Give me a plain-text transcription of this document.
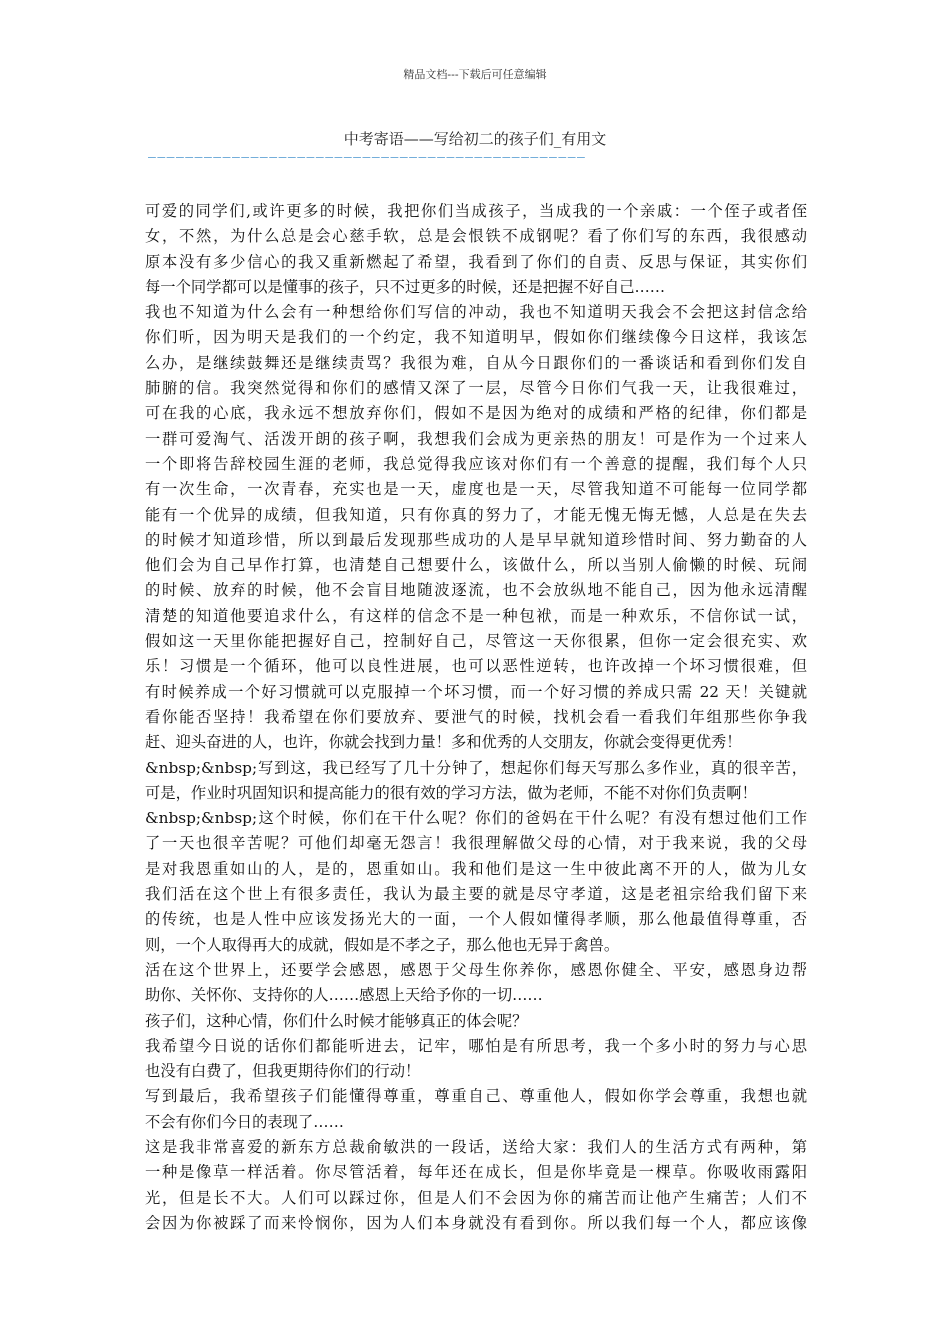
精品文档---下载后可任意编辑
中考寄语——写给初二的孩子们_有用文
———————————————————————————————————————————————
可爱的同学们,或许更多的时候，我把你们当成孩子，当成我的一个亲戚：一个侄子或者侄
女，不然，为什么总是会心慈手软，总是会恨铁不成钢呢？看了你们写的东西，我很感动
原本没有多少信心的我又重新燃起了希望，我看到了你们的自责、反思与保证，其实你们
每一个同学都可以是懂事的孩子，只不过更多的时候，还是把握不好自己……
我也不知道为什么会有一种想给你们写信的冲动，我也不知道明天我会不会把这封信念给
你们听，因为明天是我们的一个约定，我不知道明早，假如你们继续像今日这样，我该怎
么办，是继续鼓舞还是继续责骂？我很为难，自从今日跟你们的一番谈话和看到你们发自
肺腑的信。我突然觉得和你们的感情又深了一层，尽管今日你们气我一天，让我很难过，
可在我的心底，我永远不想放弃你们，假如不是因为绝对的成绩和严格的纪律，你们都是
一群可爱淘气、活泼开朗的孩子啊，我想我们会成为更亲热的朋友！可是作为一个过来人
一个即将告辞校园生涯的老师，我总觉得我应该对你们有一个善意的提醒，我们每个人只
有一次生命，一次青春，充实也是一天，虚度也是一天，尽管我知道不可能每一位同学都
能有一个优异的成绩，但我知道，只有你真的努力了，才能无愧无悔无憾，人总是在失去
的时候才知道珍惜，所以到最后发现那些成功的人是早早就知道珍惜时间、努力勤奋的人
他们会为自己早作打算，也清楚自己想要什么，该做什么，所以当别人偷懒的时候、玩闹
的时候、放弃的时候，他不会盲目地随波逐流，也不会放纵地不能自己，因为他永远清醒
清楚的知道他要追求什么，有这样的信念不是一种包袱，而是一种欢乐，不信你试一试，
假如这一天里你能把握好自己，控制好自己，尽管这一天你很累，但你一定会很充实、欢
乐！习惯是一个循环，他可以良性进展，也可以恶性逆转，也许改掉一个坏习惯很难，但
有时候养成一个好习惯就可以克服掉一个坏习惯，而一个好习惯的养成只需 22 天！关键就
看你能否坚持！我希望在你们要放弃、要泄气的时候，找机会看一看我们年组那些你争我
赶、迎头奋进的人，也许，你就会找到力量！多和优秀的人交朋友，你就会变得更优秀！
&nbsp;&nbsp;写到这，我已经写了几十分钟了，想起你们每天写那么多作业，真的很辛苦，
可是，作业时巩固知识和提高能力的很有效的学习方法，做为老师，不能不对你们负责啊！
&nbsp;&nbsp;这个时候，你们在干什么呢？你们的爸妈在干什么呢？有没有想过他们工作
了一天也很辛苦呢？可他们却毫无怨言！我很理解做父母的心情，对于我来说，我的父母
是对我恩重如山的人，是的，恩重如山。我和他们是这一生中彼此离不开的人，做为儿女
我们活在这个世上有很多责任，我认为最主要的就是尽守孝道，这是老祖宗给我们留下来
的传统，也是人性中应该发扬光大的一面，一个人假如懂得孝顺，那么他最值得尊重，否
则，一个人取得再大的成就，假如是不孝之子，那么他也无异于禽兽。
活在这个世界上，还要学会感恩，感恩于父母生你养你，感恩你健全、平安，感恩身边帮
助你、关怀你、支持你的人……感恩上天给予你的一切……
孩子们，这种心情，你们什么时候才能够真正的体会呢？
我希望今日说的话你们都能听进去，记牢，哪怕是有所思考，我一个多小时的努力与心思
也没有白费了，但我更期待你们的行动！
写到最后，我希望孩子们能懂得尊重，尊重自己、尊重他人，假如你学会尊重，我想也就
不会有你们今日的表现了……
这是我非常喜爱的新东方总裁俞敏洪的一段话，送给大家：我们人的生活方式有两种，第
一种是像草一样活着。你尽管活着，每年还在成长，但是你毕竟是一棵草。你吸收雨露阳
光，但是长不大。人们可以踩过你，但是人们不会因为你的痛苦而让他产生痛苦；人们不
会因为你被踩了而来怜悯你，因为人们本身就没有看到你。所以我们每一个人，都应该像
